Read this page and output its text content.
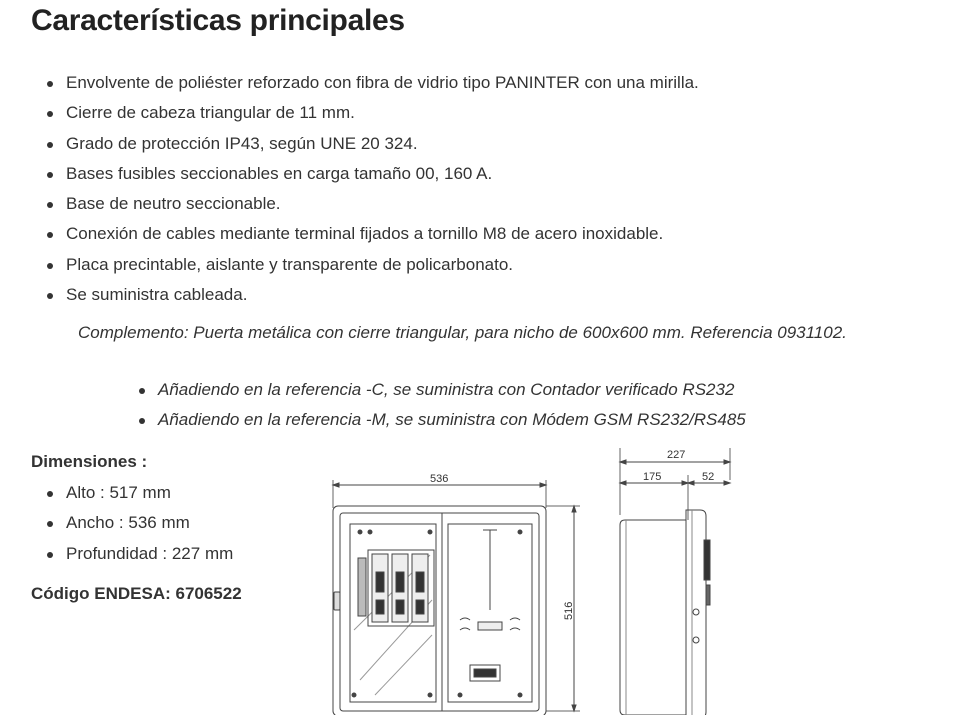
Características principales
Envolvente de poliéster reforzado con fibra de vidrio tipo PANINTER con una mirilla.
Cierre de cabeza triangular de 11 mm.
Grado de protección IP43, según UNE 20 324.
Bases fusibles seccionables en carga tamaño 00, 160 A.
Base de neutro seccionable.
Conexión de cables mediante terminal fijados a tornillo M8 de acero inoxidable.
Placa precintable, aislante y transparente de policarbonato.
Se suministra cableada.

Complemento: Puerta metálica con cierre triangular, para nicho de 600x600 mm. Referencia 0931102.

Añadiendo en la referencia -C, se suministra con Contador verificado RS232
Añadiendo en la referencia -M, se suministra con Módem GSM RS232/RS485

Dimensiones :

Alto : 517 mm
Ancho : 536 mm
Profundidad : 227 mm

Código ENDESA: 6706522

536
516
227
175	52
